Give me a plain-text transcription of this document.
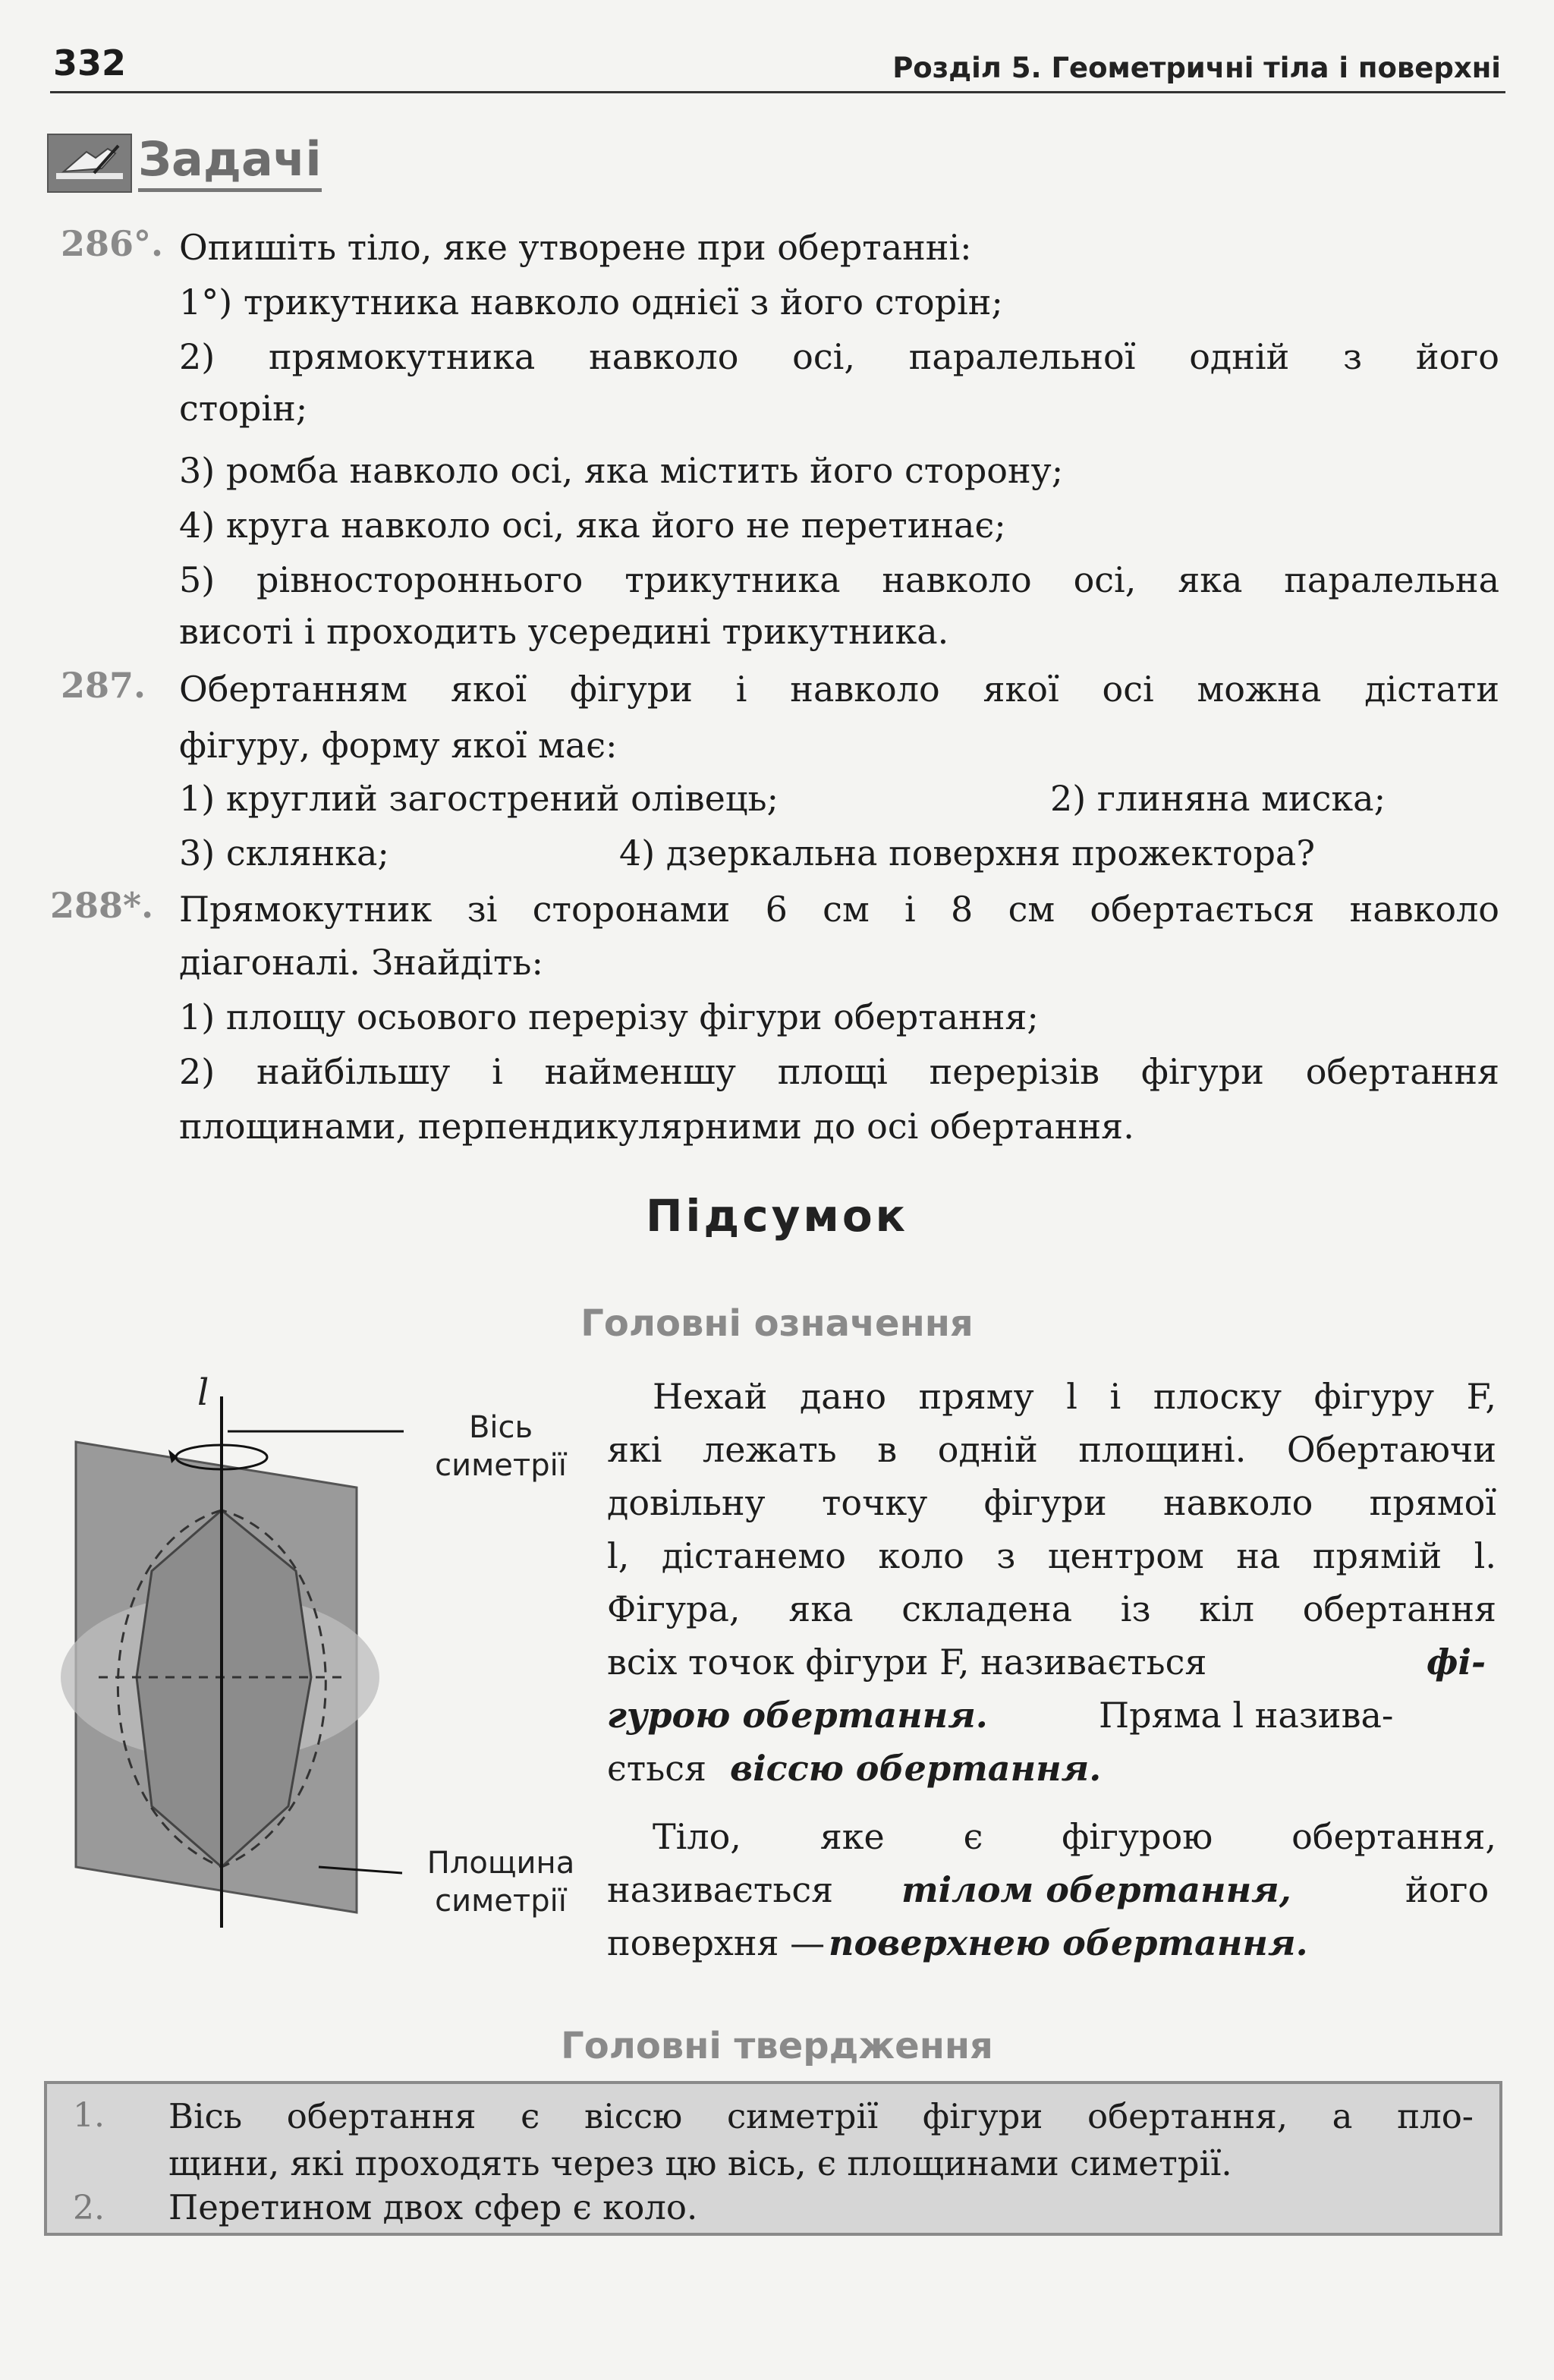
332	Розділ 5. Геометричні тіла і поверхні
Задачі
286°. Опишіть тіло, яке утворене при обертанні:
1°) трикутника навколо однієї з його сторін;
2) прямокутника навколо осі, паралельної одній з його
сторін;
3) ромба навколо осі, яка містить його сторону;
4) круга навколо осі, яка його не перетинає;
5) рівностороннього трикутника навколо осі, яка паралельна
висоті і проходить усередині трикутника.
287. Обертанням якої фігури і навколо якої осі можна дістати
фігуру, форму якої має:
1) круглий загострений олівець;	2) глиняна миска;
3) склянка;	4) дзеркальна поверхня прожектора?
288*. Прямокутник зі сторонами 6 см і 8 см обертається навколо
діагоналі. Знайдіть:
1) площу осьового перерізу фігури обертання;
2) найбільшу і найменшу площі перерізів фігури обертання
площинами, перпендикулярними до осі обертання.
Підсумок
Головні означення
l
Вісь
симетрії
Площина
симетрії
Нехай дано пряму l і плоску фігуру F,
які лежать в одній площині. Обертаючи
довільну точку фігури навколо прямої
l, дістанемо коло з центром на прямій l.
Фігура, яка складена із кіл обертання
всіх точок фігури F, називається	фі-
гурою обертання.	Пряма l назива-
ється віссю обертання.
Тіло, яке є фігурою обертання,
називається тілом обертання,	його
поверхня — поверхнею обертання.
Головні твердження
1. Вісь обертання є віссю симетрії фігури обертання, а пло-
щини, які проходять через цю вісь, є площинами симетрії.
2. Перетином двох сфер є коло.
